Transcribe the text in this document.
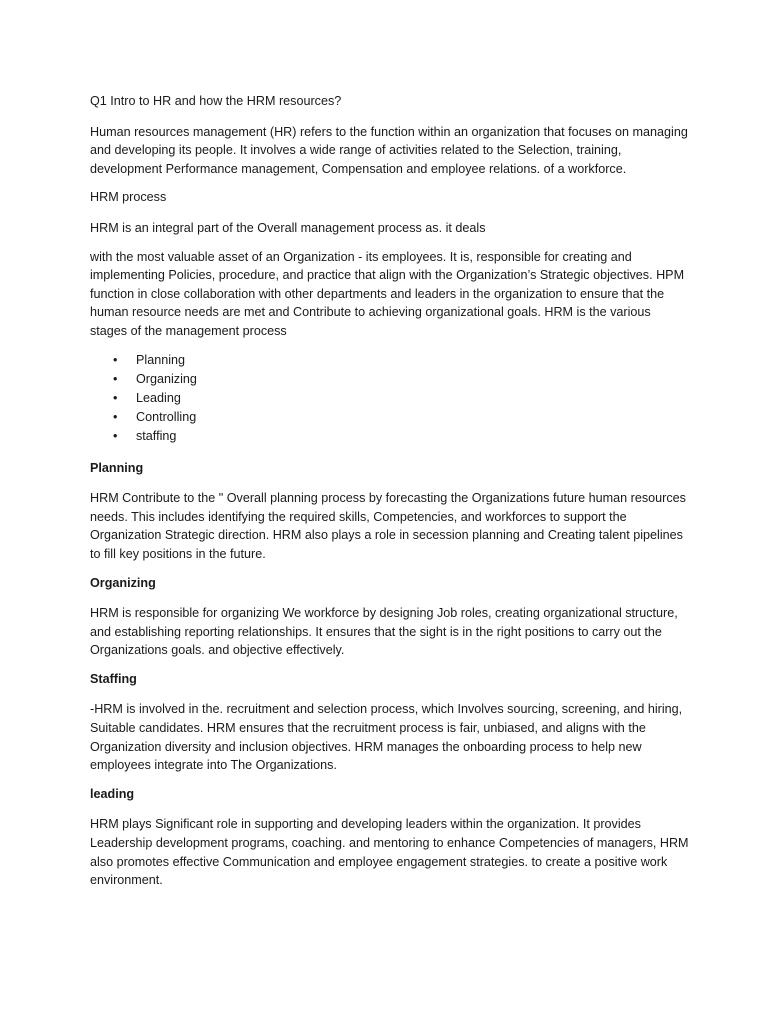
Q1 Intro to HR and how the HRM resources?

Human resources management (HR) refers to the function within an organization that focuses on managing and developing its people. It involves a wide range of activities related to the Selection, training, development Performance management, Compensation and employee relations. of a workforce.

HRM process

HRM is an integral part of the Overall management process as. it deals

with the most valuable asset of an Organization - its employees. It is, responsible for creating and implementing Policies, procedure, and practice that align with the Organization’s Strategic objectives. HPM function in close collaboration with other departments and leaders in the organization to ensure that the human resource needs are met and Contribute to achieving organizational goals. HRM is the various stages of the management process

• Planning
• Organizing
• Leading
• Controlling
• staffing

Planning

HRM Contribute to the " Overall planning process by forecasting the Organizations future human resources needs. This includes identifying the required skills, Competencies, and workforces to support the Organization Strategic direction. HRM also plays a role in secession planning and Creating talent pipelines to fill key positions in the future.

Organizing

HRM is responsible for organizing We workforce by designing Job roles, creating organizational structure, and establishing reporting relationships. It ensures that the sight is in the right positions to carry out the Organizations goals. and objective effectively.

Staffing

-HRM is involved in the. recruitment and selection process, which Involves sourcing, screening, and hiring, Suitable candidates. HRM ensures that the recruitment process is fair, unbiased, and aligns with the Organization diversity and inclusion objectives. HRM manages the onboarding process to help new employees integrate into The Organizations.

leading

HRM plays Significant role in supporting and developing leaders within the organization. It provides Leadership development programs, coaching. and mentoring to enhance Competencies of managers, HRM also promotes effective Communication and employee engagement strategies. to create a positive work environment.
